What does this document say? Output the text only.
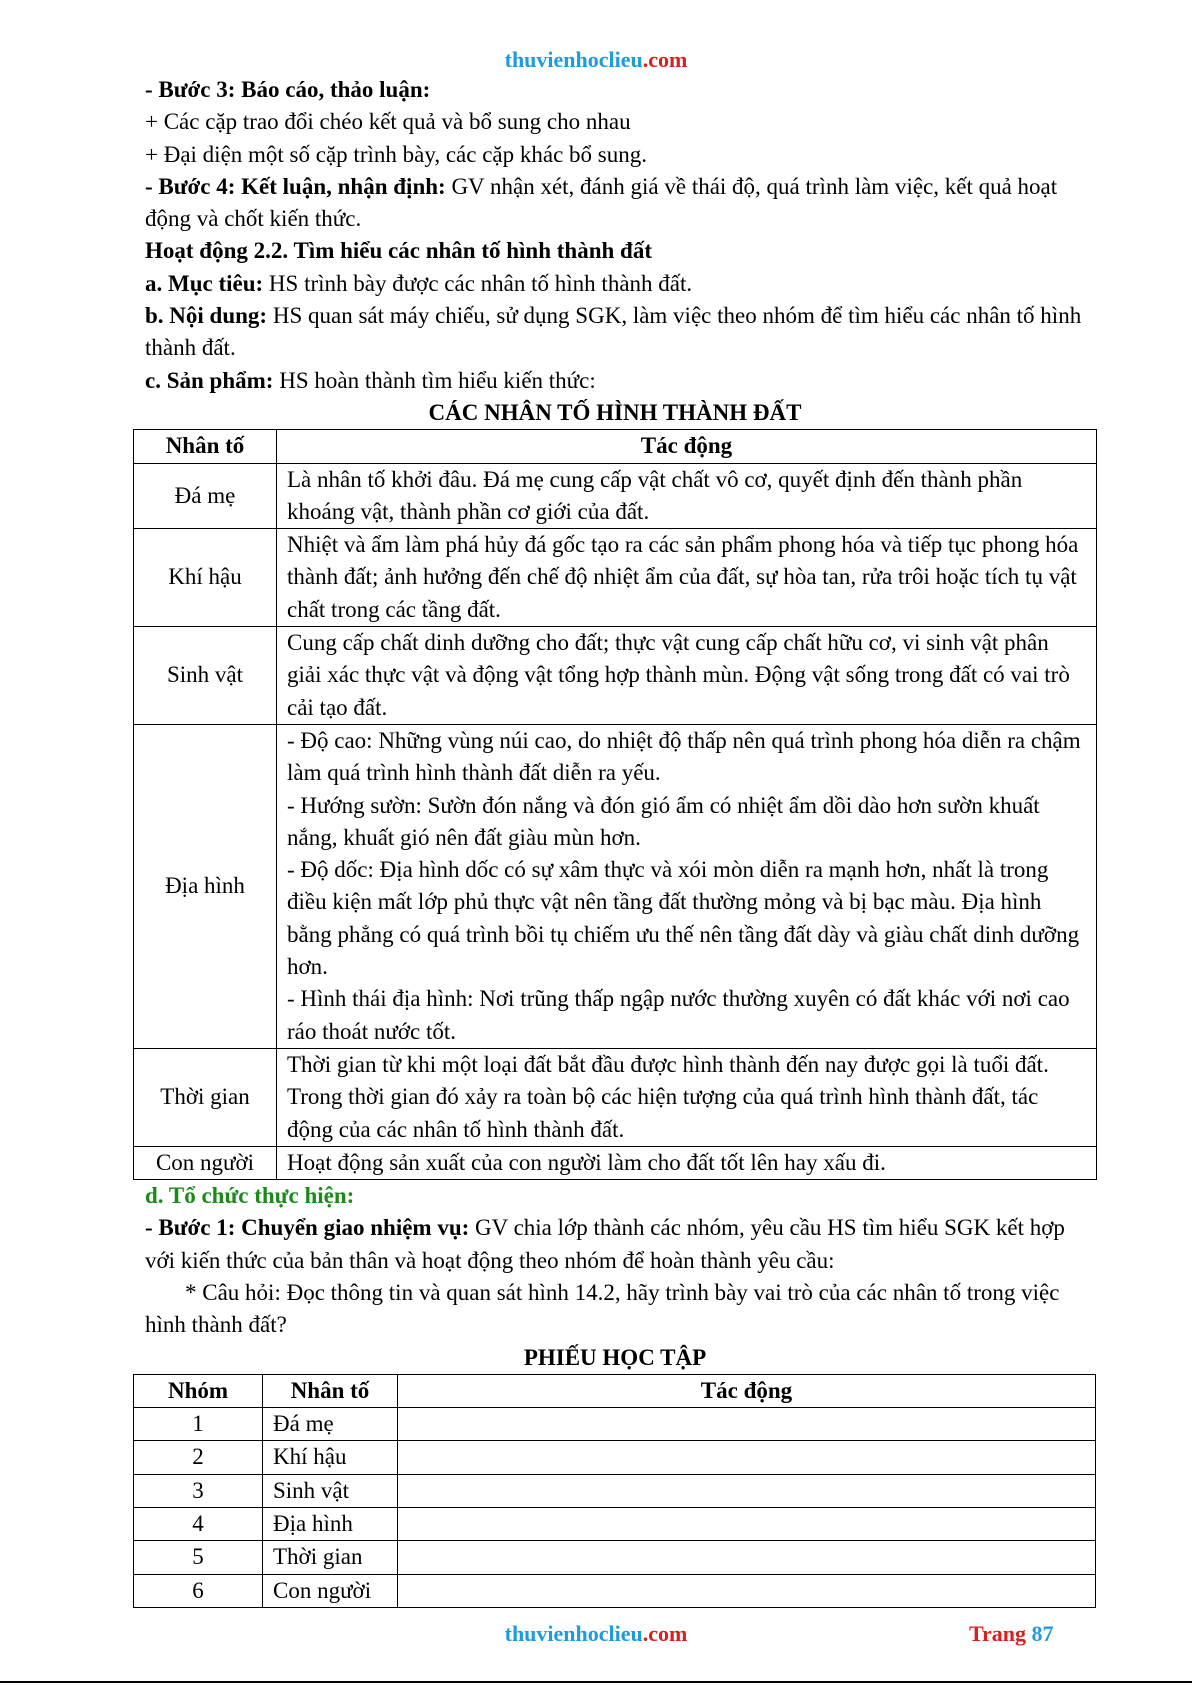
thuvienhoclieu.com

- Bước 3: Báo cáo, thảo luận:

+ Các cặp trao đổi chéo kết quả và bổ sung cho nhau

+ Đại diện một số cặp trình bày, các cặp khác bổ sung.

- Bước 4: Kết luận, nhận định: GV nhận xét, đánh giá về thái độ, quá trình làm việc, kết quả hoạt động và chốt kiến thức.

Hoạt động 2.2. Tìm hiểu các nhân tố hình thành đất

a. Mục tiêu: HS trình bày được các nhân tố hình thành đất.

b. Nội dung: HS quan sát máy chiếu, sử dụng SGK, làm việc theo nhóm để tìm hiểu các nhân tố hình thành đất.

c. Sản phẩm: HS hoàn thành tìm hiểu kiến thức:

CÁC NHÂN TỐ HÌNH THÀNH ĐẤT

Nhân tố	Tác động
Đá mẹ	Là nhân tố khởi đâu. Đá mẹ cung cấp vật chất vô cơ, quyết định đến thành phần khoáng vật, thành phần cơ giới của đất.

Khí hậu	Nhiệt và ẩm làm phá hủy đá gốc tạo ra các sản phẩm phong hóa và tiếp tục phong hóa thành đất; ảnh hưởng đến chế độ nhiệt ẩm của đất, sự hòa tan, rửa trôi hoặc tích tụ vật chất trong các tầng đất.

Sinh vật	Cung cấp chất dinh dưỡng cho đất; thực vật cung cấp chất hữu cơ, vi sinh vật phân giải xác thực vật và động vật tổng hợp thành mùn. Động vật sống trong đất có vai trò cải tạo đất.

Địa hình	- Độ cao: Những vùng núi cao, do nhiệt độ thấp nên quá trình phong hóa diễn ra chậm làm quá trình hình thành đất diễn ra yếu.
- Hướng sườn: Sườn đón nắng và đón gió ẩm có nhiệt ẩm dồi dào hơn sườn khuất nắng, khuất gió nên đất giàu mùn hơn.
- Độ dốc: Địa hình dốc có sự xâm thực và xói mòn diễn ra mạnh hơn, nhất là trong điều kiện mất lớp phủ thực vật nên tầng đất thường mỏng và bị bạc màu. Địa hình bằng phẳng có quá trình bồi tụ chiếm ưu thế nên tầng đất dày và giàu chất dinh dưỡng hơn.
- Hình thái địa hình: Nơi trũng thấp ngập nước thường xuyên có đất khác với nơi cao ráo thoát nước tốt.

Thời gian	Thời gian từ khi một loại đất bắt đầu được hình thành đến nay được gọi là tuổi đất. Trong thời gian đó xảy ra toàn bộ các hiện tượng của quá trình hình thành đất, tác động của các nhân tố hình thành đất.

Con người	Hoạt động sản xuất của con người làm cho đất tốt lên hay xấu đi.

d. Tổ chức thực hiện:

- Bước 1: Chuyển giao nhiệm vụ: GV chia lớp thành các nhóm, yêu cầu HS tìm hiểu SGK kết hợp với kiến thức của bản thân và hoạt động theo nhóm để hoàn thành yêu cầu:

* Câu hỏi: Đọc thông tin và quan sát hình 14.2, hãy trình bày vai trò của các nhân tố trong việc hình thành đất?

PHIẾU HỌC TẬP

Nhóm	Nhân tố	Tác động
1	Đá mẹ	
2	Khí hậu	
3	Sinh vật	
4	Địa hình	
5	Thời gian	
6	Con người	
thuvienhoclieu.com	Trang 87
